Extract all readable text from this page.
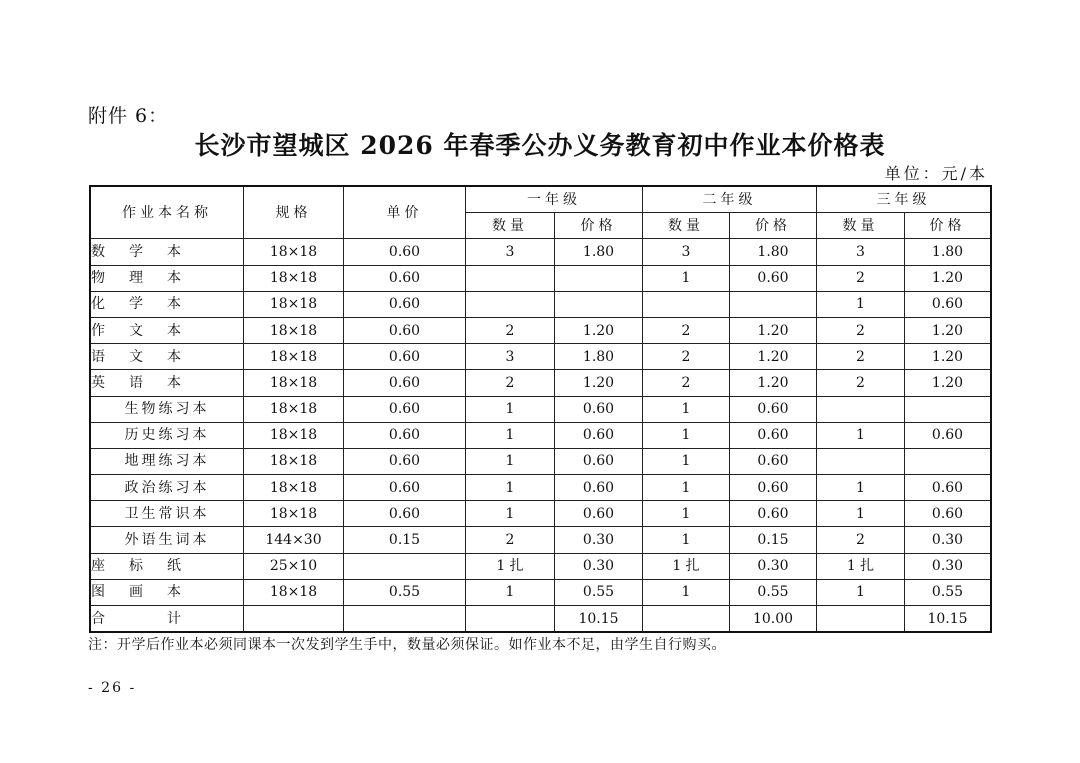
附件 6：
长沙市望城区 2026 年春季公办义务教育初中作业本价格表
单位：元/本
作业本名称	规格	单价	一年级		二年级		三年级	
			数量	价格	数量	价格	数量	价格

数 学 本	18×18	0.60	3	1.80	3	1.80	3	1.80

物 理 本	18×18	0.60			1	0.60	2	1.20

化 学 本	18×18	0.60					1	0.60

作 文 本	18×18	0.60	2	1.20	2	1.20	2	1.20

语 文 本	18×18	0.60	3	1.80	2	1.20	2	1.20

英 语 本	18×18	0.60	2	1.20	2	1.20	2	1.20
生物练习本	18×18	0.60	1	0.60	1	0.60		
历史练习本	18×18	0.60	1	0.60	1	0.60	1	0.60
地理练习本	18×18	0.60	1	0.60	1	0.60		
政治练习本	18×18	0.60	1	0.60	1	0.60	1	0.60
卫生常识本	18×18	0.60	1	0.60	1	0.60	1	0.60
外语生词本	144×30	0.15	2	0.30	1	0.15	2	0.30

座 标 纸	25×10		1 扎	0.30	1 扎	0.30	1 扎	0.30

图 画 本	18×18	0.55	1	0.55	1	0.55	1	0.55

合 计				10.15		10.00		10.15
注：开学后作业本必须同课本一次发到学生手中，数量必须保证。如作业本不足，由学生自行购买。
- 26 -
